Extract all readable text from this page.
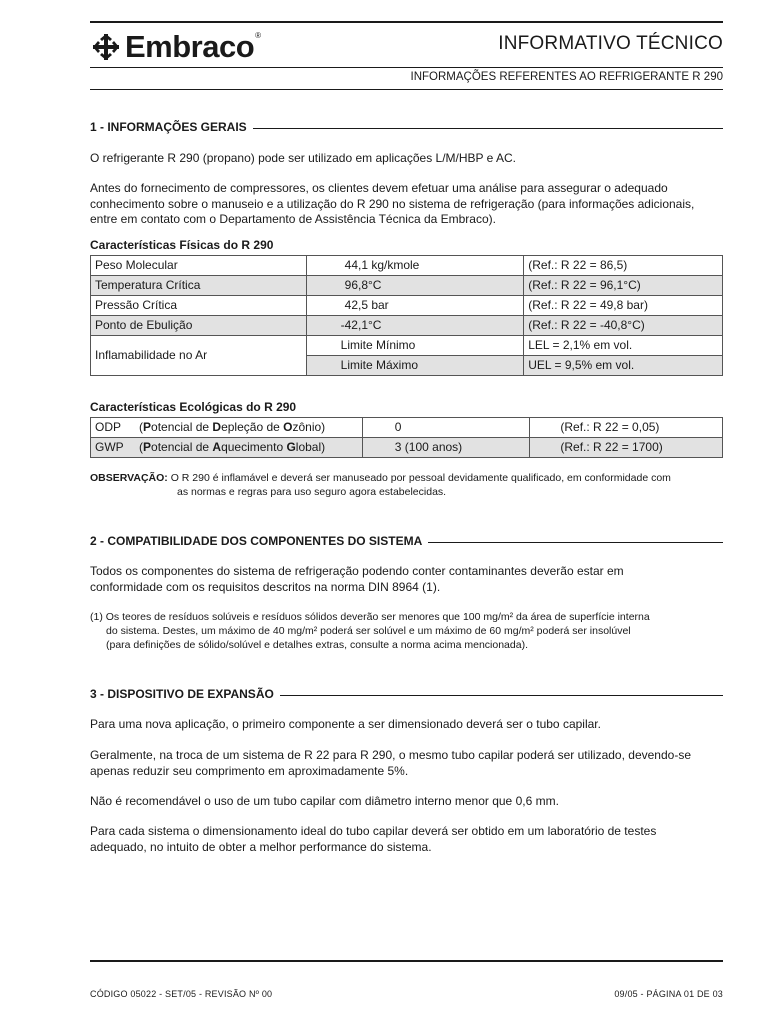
Embraco ®	INFORMATIVO TÉCNICO
INFORMAÇÕES REFERENTES AO REFRIGERANTE R 290
1 - INFORMAÇÕES GERAIS
O refrigerante R 290 (propano) pode ser utilizado em aplicações L/M/HBP e AC.
Antes do fornecimento de compressores, os clientes devem efetuar uma análise para assegurar o adequado
conhecimento sobre o manuseio e a utilização do R 290 no sistema de refrigeração (para informações adicionais,
entre em contato com o Departamento de Assistência Técnica da Embraco).
Características Físicas do R 290
Peso Molecular	44,1 kg/kmole	(Ref.: R 22 = 86,5)
Temperatura Crítica	96,8°C	(Ref.: R 22 = 96,1°C)
Pressão Crítica	42,5 bar	(Ref.: R 22 = 49,8 bar)
Ponto de Ebulição	-42,1°C	(Ref.: R 22 = -40,8°C)
Inflamabilidade no Ar	Limite Mínimo	LEL = 2,1% em vol.
	Limite Máximo	UEL = 9,5% em vol.
Características Ecológicas do R 290
ODP (Potencial de Depleção de Ozônio)	0	(Ref.: R 22 = 0,05)
GWP (Potencial de Aquecimento Global)	3 (100 anos)	(Ref.: R 22 = 1700)
OBSERVAÇÃO: O R 290 é inflamável e deverá ser manuseado por pessoal devidamente qualificado, em conformidade com
as normas e regras para uso seguro agora estabelecidas.
2 - COMPATIBILIDADE DOS COMPONENTES DO SISTEMA
Todos os componentes do sistema de refrigeração podendo conter contaminantes deverão estar em
conformidade com os requisitos descritos na norma DIN 8964 (1).
(1) Os teores de resíduos solúveis e resíduos sólidos deverão ser menores que 100 mg/m² da área de superfície interna
do sistema. Destes, um máximo de 40 mg/m² poderá ser solúvel e um máximo de 60 mg/m² poderá ser insolúvel
(para definições de sólido/solúvel e detalhes extras, consulte a norma acima mencionada).
3 - DISPOSITIVO DE EXPANSÃO
Para uma nova aplicação, o primeiro componente a ser dimensionado deverá ser o tubo capilar.
Geralmente, na troca de um sistema de R 22 para R 290, o mesmo tubo capilar poderá ser utilizado, devendo-se
apenas reduzir seu comprimento em aproximadamente 5%.
Não é recomendável o uso de um tubo capilar com diâmetro interno menor que 0,6 mm.
Para cada sistema o dimensionamento ideal do tubo capilar deverá ser obtido em um laboratório de testes
adequado, no intuito de obter a melhor performance do sistema.
CÓDIGO 05022 - SET/05 - REVISÃO Nº 00	09/05 - PÁGINA 01 DE 03
